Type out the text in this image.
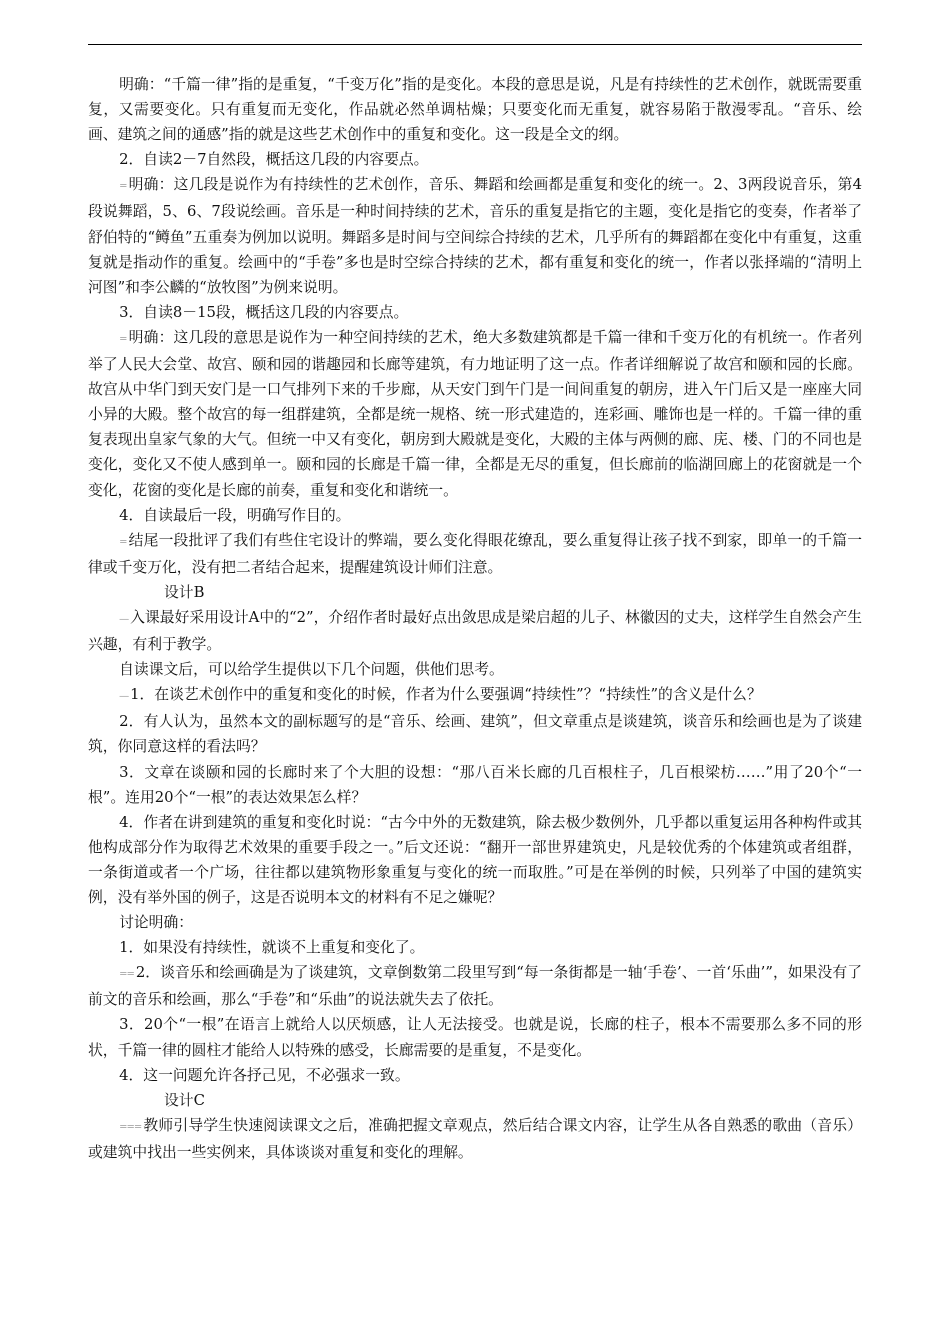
明确：“千篇一律”指的是重复，“千变万化”指的是变化。本段的意思是说，凡是有持续性的艺术创作，就既需要重复，又需要变化。只有重复而无变化，作品就必然单调枯燥；只要变化而无重复，就容易陷于散漫零乱。“音乐、绘画、建筑之间的通感”指的就是这些艺术创作中的重复和变化。这一段是全文的纲。

2．自读2－7自然段，概括这几段的内容要点。

= 明确：这几段是说作为有持续性的艺术创作，音乐、舞蹈和绘画都是重复和变化的统一。2、3两段说音乐，第4段说舞蹈，5、6、7段说绘画。音乐是一种时间持续的艺术，音乐的重复是指它的主题，变化是指它的变奏，作者举了舒伯特的“鳟鱼”五重奏为例加以说明。舞蹈多是时间与空间综合持续的艺术，几乎所有的舞蹈都在变化中有重复，这重复就是指动作的重复。绘画中的“手卷”多也是时空综合持续的艺术，都有重复和变化的统一，作者以张择端的“清明上河图”和李公麟的“放牧图”为例来说明。

3．自读8－15段，概括这几段的内容要点。

= 明确：这几段的意思是说作为一种空间持续的艺术，绝大多数建筑都是千篇一律和千变万化的有机统一。作者列举了人民大会堂、故宫、颐和园的谐趣园和长廊等建筑，有力地证明了这一点。作者详细解说了故宫和颐和园的长廊。故宫从中华门到天安门是一口气排列下来的千步廊，从天安门到午门是一间间重复的朝房，进入午门后又是一座座大同小异的大殿。整个故宫的每一组群建筑，全都是统一规格、统一形式建造的，连彩画、雕饰也是一样的。千篇一律的重复表现出皇家气象的大气。但统一中又有变化，朝房到大殿就是变化，大殿的主体与两侧的廊、庑、楼、门的不同也是变化，变化又不使人感到单一。颐和园的长廊是千篇一律，全都是无尽的重复，但长廊前的临湖回廊上的花窗就是一个变化，花窗的变化是长廊的前奏，重复和变化和谐统一。

4．自读最后一段，明确写作目的。

= 结尾一段批评了我们有些住宅设计的弊端，要么变化得眼花缭乱，要么重复得让孩子找不到家，即单一的千篇一律或千变万化，没有把二者结合起来，提醒建筑设计师们注意。

设计B

— 入课最好采用设计A中的“2”，介绍作者时最好点出敛思成是梁启超的儿子、林徽因的丈夫，这样学生自然会产生兴趣，有利于教学。

自读课文后，可以给学生提供以下几个问题，供他们思考。

— 1．在谈艺术创作中的重复和变化的时候，作者为什么要强调“持续性”？“持续性”的含义是什么？

2．有人认为，虽然本文的副标题写的是“音乐、绘画、建筑”，但文章重点是谈建筑，谈音乐和绘画也是为了谈建筑，你同意这样的看法吗？

3．文章在谈颐和园的长廊时来了个大胆的设想：“那八百米长廊的几百根柱子，几百根梁枋……”用了20个“一根”。连用20个“一根”的表达效果怎么样？

4．作者在讲到建筑的重复和变化时说：“古今中外的无数建筑，除去极少数例外，几乎都以重复运用各种构件或其他构成部分作为取得艺术效果的重要手段之一。”后文还说：“翻开一部世界建筑史，凡是较优秀的个体建筑或者组群，一条街道或者一个广场，往往都以建筑物形象重复与变化的统一而取胜。”可是在举例的时候，只列举了中国的建筑实例，没有举外国的例子，这是否说明本文的材料有不足之嫌呢？

讨论明确：

1．如果没有持续性，就谈不上重复和变化了。

== 2．谈音乐和绘画确是为了谈建筑，文章倒数第二段里写到“每一条街都是一轴‘手卷’、一首‘乐曲’”，如果没有了前文的音乐和绘画，那么“手卷”和“乐曲”的说法就失去了依托。

3．20个“一根”在语言上就给人以厌烦感，让人无法接受。也就是说，长廊的柱子，根本不需要那么多不同的形状，千篇一律的圆柱才能给人以特殊的感受，长廊需要的是重复，不是变化。

4．这一问题允许各抒己见，不必强求一致。

设计C

=== 教师引导学生快速阅读课文之后，准确把握文章观点，然后结合课文内容，让学生从各自熟悉的歌曲（音乐）或建筑中找出一些实例来，具体谈谈对重复和变化的理解。
